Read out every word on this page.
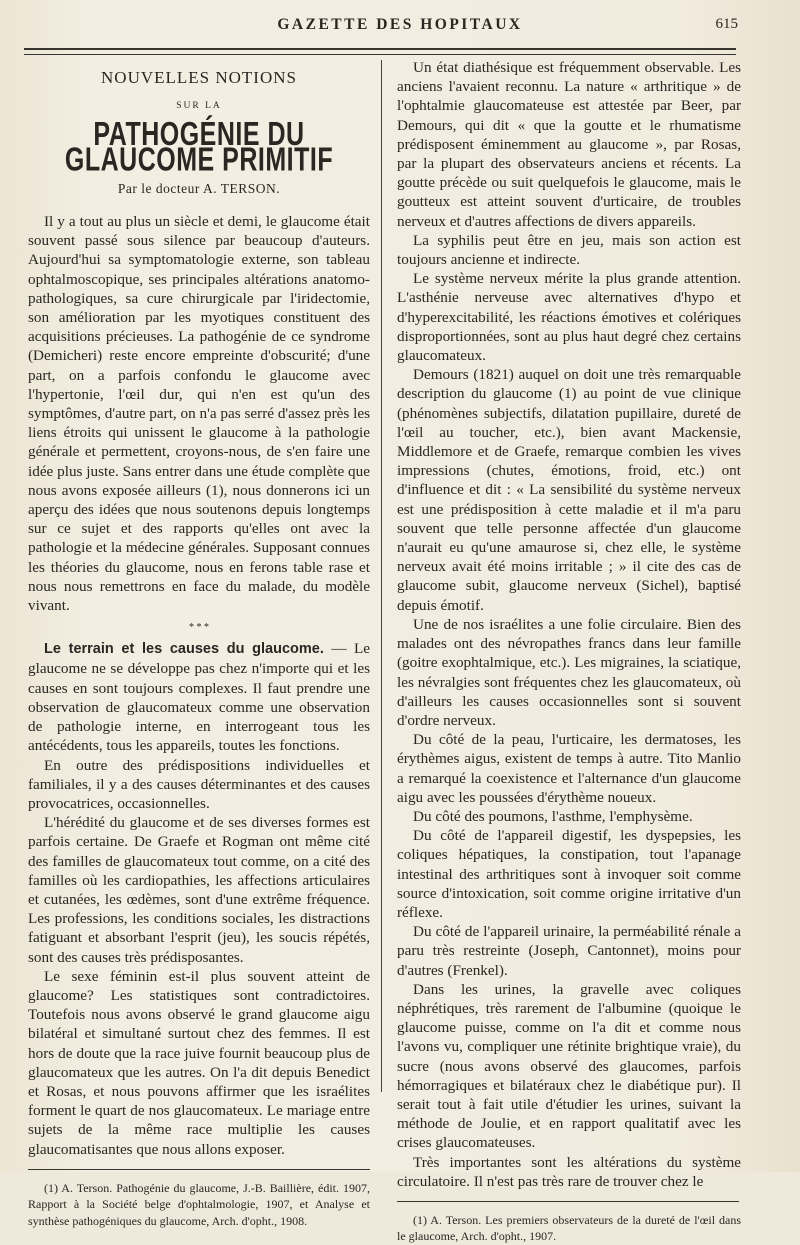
GAZETTE DES HOPITAUX	615
NOUVELLES NOTIONS
SUR LA
PATHOGÉNIE DU GLAUCOME PRIMITIF
Par le docteur A. TERSON.

Il y a tout au plus un siècle et demi, le glaucome était souvent passé sous silence par beaucoup d'auteurs. Aujourd'hui sa symptomatologie externe, son tableau ophtalmoscopique, ses principales altérations anatomo-pathologiques, sa cure chirurgicale par l'iridectomie, son amélioration par les myotiques constituent des acquisitions précieuses. La pathogénie de ce syndrome (Demicheri) reste encore empreinte d'obscurité; d'une part, on a parfois confondu le glaucome avec l'hypertonie, l'œil dur, qui n'en est qu'un des symptômes, d'autre part, on n'a pas serré d'assez près les liens étroits qui unissent le glaucome à la pathologie générale et permettent, croyons-nous, de s'en faire une idée plus juste. Sans entrer dans une étude complète que nous avons exposée ailleurs (1), nous donnerons ici un aperçu des idées que nous soutenons depuis longtemps sur ce sujet et des rapports qu'elles ont avec la pathologie et la médecine générales. Supposant connues les théories du glaucome, nous en ferons table rase et nous nous remettrons en face du malade, du modèle vivant.

* * *

Le terrain et les causes du glaucome. — Le glaucome ne se développe pas chez n'importe qui et les causes en sont toujours complexes. Il faut prendre une observation de glaucomateux comme une observation de pathologie interne, en interrogeant tous les antécédents, tous les appareils, toutes les fonctions.

En outre des prédispositions individuelles et familiales, il y a des causes déterminantes et des causes provocatrices, occasionnelles.

L'hérédité du glaucome et de ses diverses formes est parfois certaine. De Graefe et Rogman ont même cité des familles de glaucomateux tout comme, on a cité des familles où les cardiopathies, les affections articulaires et cutanées, les œdèmes, sont d'une extrême fréquence. Les professions, les conditions sociales, les distractions fatiguant et absorbant l'esprit (jeu), les soucis répétés, sont des causes très prédisposantes.

Le sexe féminin est-il plus souvent atteint de glaucome? Les statistiques sont contradictoires. Toutefois nous avons observé le grand glaucome aigu bilatéral et simultané surtout chez des femmes. Il est hors de doute que la race juive fournit beaucoup plus de glaucomateux que les autres. On l'a dit depuis Benedict et Rosas, et nous pouvons affirmer que les israélites forment le quart de nos glaucomateux. Le mariage entre sujets de la même race multiplie les causes glaucomatisantes que nous allons exposer.

(1) A. Terson. Pathogénie du glaucome, J.-B. Baillière, édit. 1907, Rapport à la Société belge d'ophtalmologie, 1907, et Analyse et synthèse pathogéniques du glaucome, Arch. d'opht., 1908.

Un état diathésique est fréquemment observable. Les anciens l'avaient reconnu. La nature « arthritique » de l'ophtalmie glaucomateuse est attestée par Beer, par Demours, qui dit « que la goutte et le rhumatisme prédisposent éminemment au glaucome », par Rosas, par la plupart des observateurs anciens et récents. La goutte précède ou suit quelquefois le glaucome, mais le goutteux est atteint souvent d'urticaire, de troubles nerveux et d'autres affections de divers appareils.

La syphilis peut être en jeu, mais son action est toujours ancienne et indirecte.

Le système nerveux mérite la plus grande attention. L'asthénie nerveuse avec alternatives d'hypo et d'hyperexcitabilité, les réactions émotives et colériques disproportionnées, sont au plus haut degré chez certains glaucomateux.

Demours (1821) auquel on doit une très remarquable description du glaucome (1) au point de vue clinique (phénomènes subjectifs, dilatation pupillaire, dureté de l'œil au toucher, etc.), bien avant Mackensie, Middlemore et de Graefe, remarque combien les vives impressions (chutes, émotions, froid, etc.) ont d'influence et dit : « La sensibilité du système nerveux est une prédisposition à cette maladie et il m'a paru souvent que telle personne affectée d'un glaucome n'aurait eu qu'une amaurose si, chez elle, le système nerveux avait été moins irritable ; » il cite des cas de glaucome subit, glaucome nerveux (Sichel), baptisé depuis émotif.

Une de nos israélites a une folie circulaire. Bien des malades ont des névropathes francs dans leur famille (goitre exophtalmique, etc.). Les migraines, la sciatique, les névralgies sont fréquentes chez les glaucomateux, où d'ailleurs les causes occasionnelles sont si souvent d'ordre nerveux.

Du côté de la peau, l'urticaire, les dermatoses, les érythèmes aigus, existent de temps à autre. Tito Manlio a remarqué la coexistence et l'alternance d'un glaucome aigu avec les poussées d'érythème noueux.

Du côté des poumons, l'asthme, l'emphysème.

Du côté de l'appareil digestif, les dyspepsies, les coliques hépatiques, la constipation, tout l'apanage intestinal des arthritiques sont à invoquer soit comme source d'intoxication, soit comme origine irritative d'un réflexe.

Du côté de l'appareil urinaire, la perméabilité rénale a paru très restreinte (Joseph, Cantonnet), moins pour d'autres (Frenkel).

Dans les urines, la gravelle avec coliques néphrétiques, très rarement de l'albumine (quoique le glaucome puisse, comme on l'a dit et comme nous l'avons vu, compliquer une rétinite brightique vraie), du sucre (nous avons observé des glaucomes, parfois hémorragiques et bilatéraux chez le diabétique pur). Il serait tout à fait utile d'étudier les urines, suivant la méthode de Joulie, et en rapport qualitatif avec les crises glaucomateuses.

Très importantes sont les altérations du système circulatoire. Il n'est pas très rare de trouver chez le

(1) A. Terson. Les premiers observateurs de la dureté de l'œil dans le glaucome, Arch. d'opht., 1907.
